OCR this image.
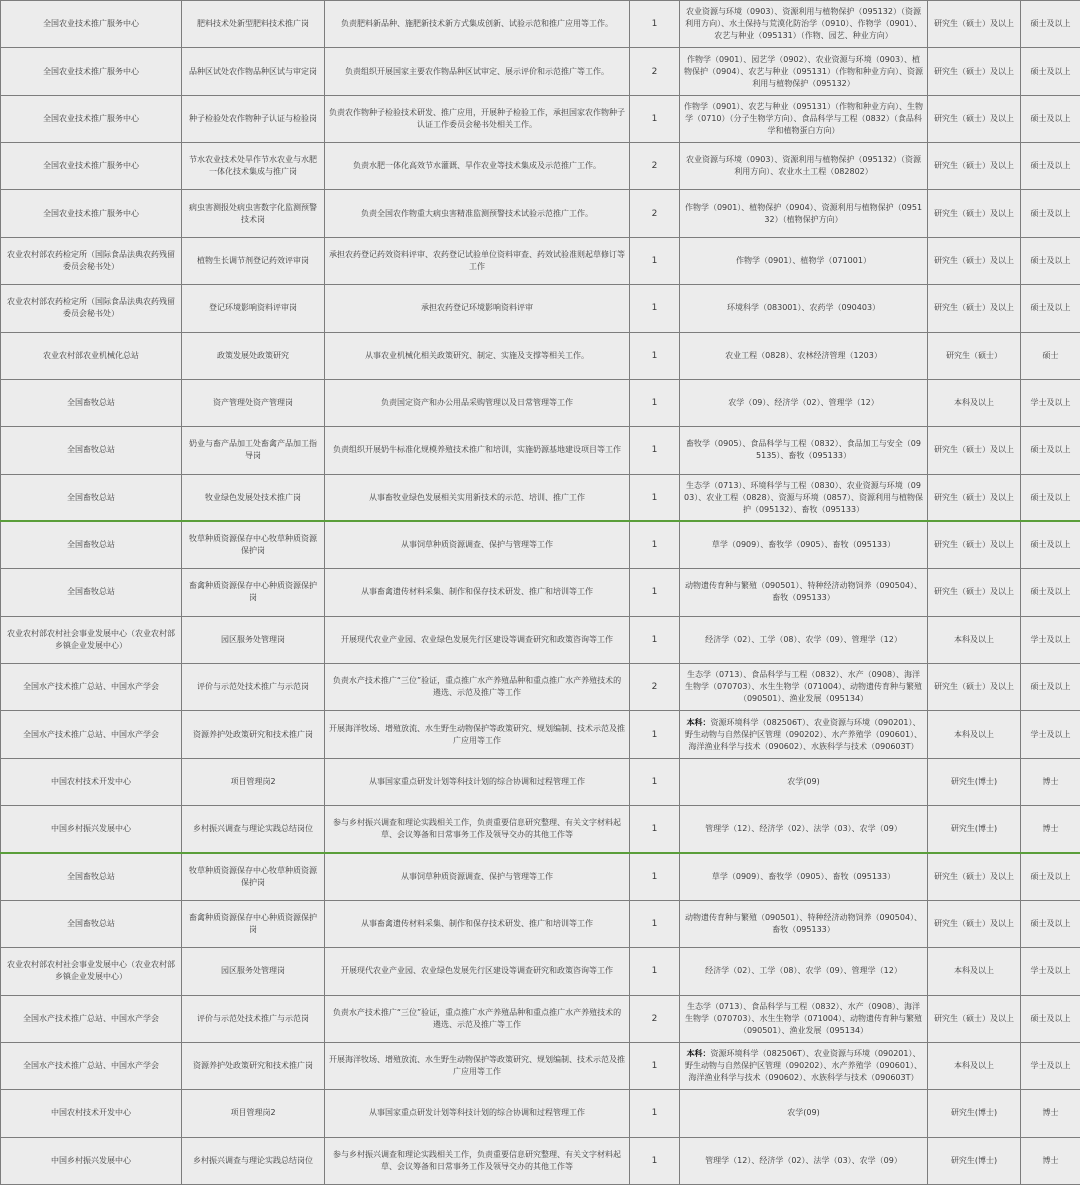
全国农业技术推广服务中心	肥料技术处新型肥料技术推广岗	负责肥料新品种、施肥新技术新方式集成创新、试验示范和推广应用等工作。	1	农业资源与环境（0903）、资源利用与植物保护（095132）（资源利用方向）、水土保持与荒漠化防治学（0910）、作物学（0901）、农艺与种业（095131）（作物、园艺、种业方向）	研究生（硕士）及以上	硕士及以上

全国农业技术推广服务中心	品种区试处农作物品种区试与审定岗	负责组织开展国家主要农作物品种区试审定、展示评价和示范推广等工作。	2	作物学（0901）、园艺学（0902）、农业资源与环境（0903）、植物保护（0904）、农艺与种业（095131）（作物和种业方向）、资源利用与植物保护（095132）	研究生（硕士）及以上	硕士及以上

全国农业技术推广服务中心	种子检验处农作物种子认证与检验岗	负责农作物种子检验技术研发、推广应用，开展种子检验工作，承担国家农作物种子认证工作委员会秘书处相关工作。	1	作物学（0901）、农艺与种业（095131）（作物和种业方向）、生物学（0710）（分子生物学方向）、食品科学与工程（0832）（食品科学和植物蛋白方向）	研究生（硕士）及以上	硕士及以上

全国农业技术推广服务中心	节水农业技术处旱作节水农业与水肥一体化技术集成与推广岗	负责水肥一体化高效节水灌溉、旱作农业等技术集成及示范推广工作。	2	农业资源与环境（0903）、资源利用与植物保护（095132）（资源利用方向）、农业水土工程（082802）	研究生（硕士）及以上	硕士及以上

全国农业技术推广服务中心	病虫害测报处病虫害数字化监测预警技术岗	负责全国农作物重大病虫害精准监测预警技术试验示范推广工作。	2	作物学（0901）、植物保护（0904）、资源利用与植物保护（095132）（植物保护方向）	研究生（硕士）及以上	硕士及以上

农业农村部农药检定所（国际食品法典农药残留委员会秘书处）	植物生长调节剂登记药效评审岗	承担农药登记药效资料评审、农药登记试验单位资料审查、药效试验准则起草修订等工作	1	作物学（0901）、植物学（071001）	研究生（硕士）及以上	硕士及以上

农业农村部农药检定所（国际食品法典农药残留委员会秘书处）	登记环境影响资料评审岗	承担农药登记环境影响资料评审	1	环境科学（083001）、农药学（090403）	研究生（硕士）及以上	硕士及以上

农业农村部农业机械化总站	政策发展处政策研究	从事农业机械化相关政策研究、制定、实施及支撑等相关工作。	1	农业工程（0828）、农林经济管理（1203）	研究生（硕士）	硕士

全国畜牧总站	资产管理处资产管理岗	负责国定资产和办公用品采购管理以及日常管理等工作	1	农学（09）、经济学（02）、管理学（12）	本科及以上	学士及以上

全国畜牧总站	奶业与畜产品加工处畜禽产品加工指导岗	负责组织开展奶牛标准化规模养殖技术推广和培训，实施奶源基地建设项目等工作	1	畜牧学（0905）、食品科学与工程（0832）、食品加工与安全（095135）、畜牧（095133）	研究生（硕士）及以上	硕士及以上

全国畜牧总站	牧业绿色发展处技术推广岗	从事畜牧业绿色发展相关实用新技术的示范、培训、推广工作	1	生态学（0713）、环境科学与工程（0830）、农业资源与环境（0903）、农业工程（0828）、资源与环境（0857）、资源利用与植物保护（095132）、畜牧（095133）	研究生（硕士）及以上	硕士及以上

全国畜牧总站	牧草种质资源保存中心牧草种质资源保护岗	从事饲草种质资源调查、保护与管理等工作	1	草学（0909）、畜牧学（0905）、畜牧（095133）	研究生（硕士）及以上	硕士及以上

全国畜牧总站	畜禽种质资源保存中心种质资源保护岗	从事畜禽遗传材料采集、制作和保存技术研发、推广和培训等工作	1	动物遗传育种与繁殖（090501）、特种经济动物饲养（090504）、畜牧（095133）	研究生（硕士）及以上	硕士及以上

农业农村部农村社会事业发展中心（农业农村部乡镇企业发展中心）	园区服务处管理岗	开展现代农业产业园、农业绿色发展先行区建设等调查研究和政策咨询等工作	1	经济学（02）、工学（08）、农学（09）、管理学（12）	本科及以上	学士及以上

全国水产技术推广总站、中国水产学会	评价与示范处技术推广与示范岗	负责水产技术推广“三位”验证，重点推广水产养殖品种和重点推广水产养殖技术的遴选、示范及推广等工作	2	生态学（0713）、食品科学与工程（0832）、水产（0908）、海洋生物学（070703）、水生生物学（071004）、动物遗传育种与繁殖（090501）、渔业发展（095134）	研究生（硕士）及以上	硕士及以上

全国水产技术推广总站、中国水产学会	资源养护处政策研究和技术推广岗	开展海洋牧场、增殖放流、水生野生动物保护等政策研究、规划编制、技术示范及推广应用等工作	1	本科：资源环境科学（082506T）、农业资源与环境（090201）、野生动物与自然保护区管理（090202）、水产养殖学（090601）、海洋渔业科学与技术（090602）、水族科学与技术（090603T）	本科及以上	学士及以上

中国农村技术开发中心	项目管理岗2	从事国家重点研发计划等科技计划的综合协调和过程管理工作	1	农学(09)	研究生(博士)	博士

中国乡村振兴发展中心	乡村振兴调查与理论实践总结岗位	参与乡村振兴调查和理论实践相关工作，负责重要信息研究整理、有关文字材料起草、会议筹备和日常事务工作及领导交办的其他工作等	1	管理学（12）、经济学（02）、法学（03）、农学（09）	研究生(博士)	博士

全国畜牧总站	牧草种质资源保存中心牧草种质资源保护岗	从事饲草种质资源调查、保护与管理等工作	1	草学（0909）、畜牧学（0905）、畜牧（095133）	研究生（硕士）及以上	硕士及以上

全国畜牧总站	畜禽种质资源保存中心种质资源保护岗	从事畜禽遗传材料采集、制作和保存技术研发、推广和培训等工作	1	动物遗传育种与繁殖（090501）、特种经济动物饲养（090504）、畜牧（095133）	研究生（硕士）及以上	硕士及以上

农业农村部农村社会事业发展中心（农业农村部乡镇企业发展中心）	园区服务处管理岗	开展现代农业产业园、农业绿色发展先行区建设等调查研究和政策咨询等工作	1	经济学（02）、工学（08）、农学（09）、管理学（12）	本科及以上	学士及以上

全国水产技术推广总站、中国水产学会	评价与示范处技术推广与示范岗	负责水产技术推广“三位”验证，重点推广水产养殖品种和重点推广水产养殖技术的遴选、示范及推广等工作	2	生态学（0713）、食品科学与工程（0832）、水产（0908）、海洋生物学（070703）、水生生物学（071004）、动物遗传育种与繁殖（090501）、渔业发展（095134）	研究生（硕士）及以上	硕士及以上

全国水产技术推广总站、中国水产学会	资源养护处政策研究和技术推广岗	开展海洋牧场、增殖放流、水生野生动物保护等政策研究、规划编制、技术示范及推广应用等工作	1	本科：资源环境科学（082506T）、农业资源与环境（090201）、野生动物与自然保护区管理（090202）、水产养殖学（090601）、海洋渔业科学与技术（090602）、水族科学与技术（090603T）	本科及以上	学士及以上

中国农村技术开发中心	项目管理岗2	从事国家重点研发计划等科技计划的综合协调和过程管理工作	1	农学(09)	研究生(博士)	博士

中国乡村振兴发展中心	乡村振兴调查与理论实践总结岗位	参与乡村振兴调查和理论实践相关工作，负责重要信息研究整理、有关文字材料起草、会议筹备和日常事务工作及领导交办的其他工作等	1	管理学（12）、经济学（02）、法学（03）、农学（09）	研究生(博士)	博士
